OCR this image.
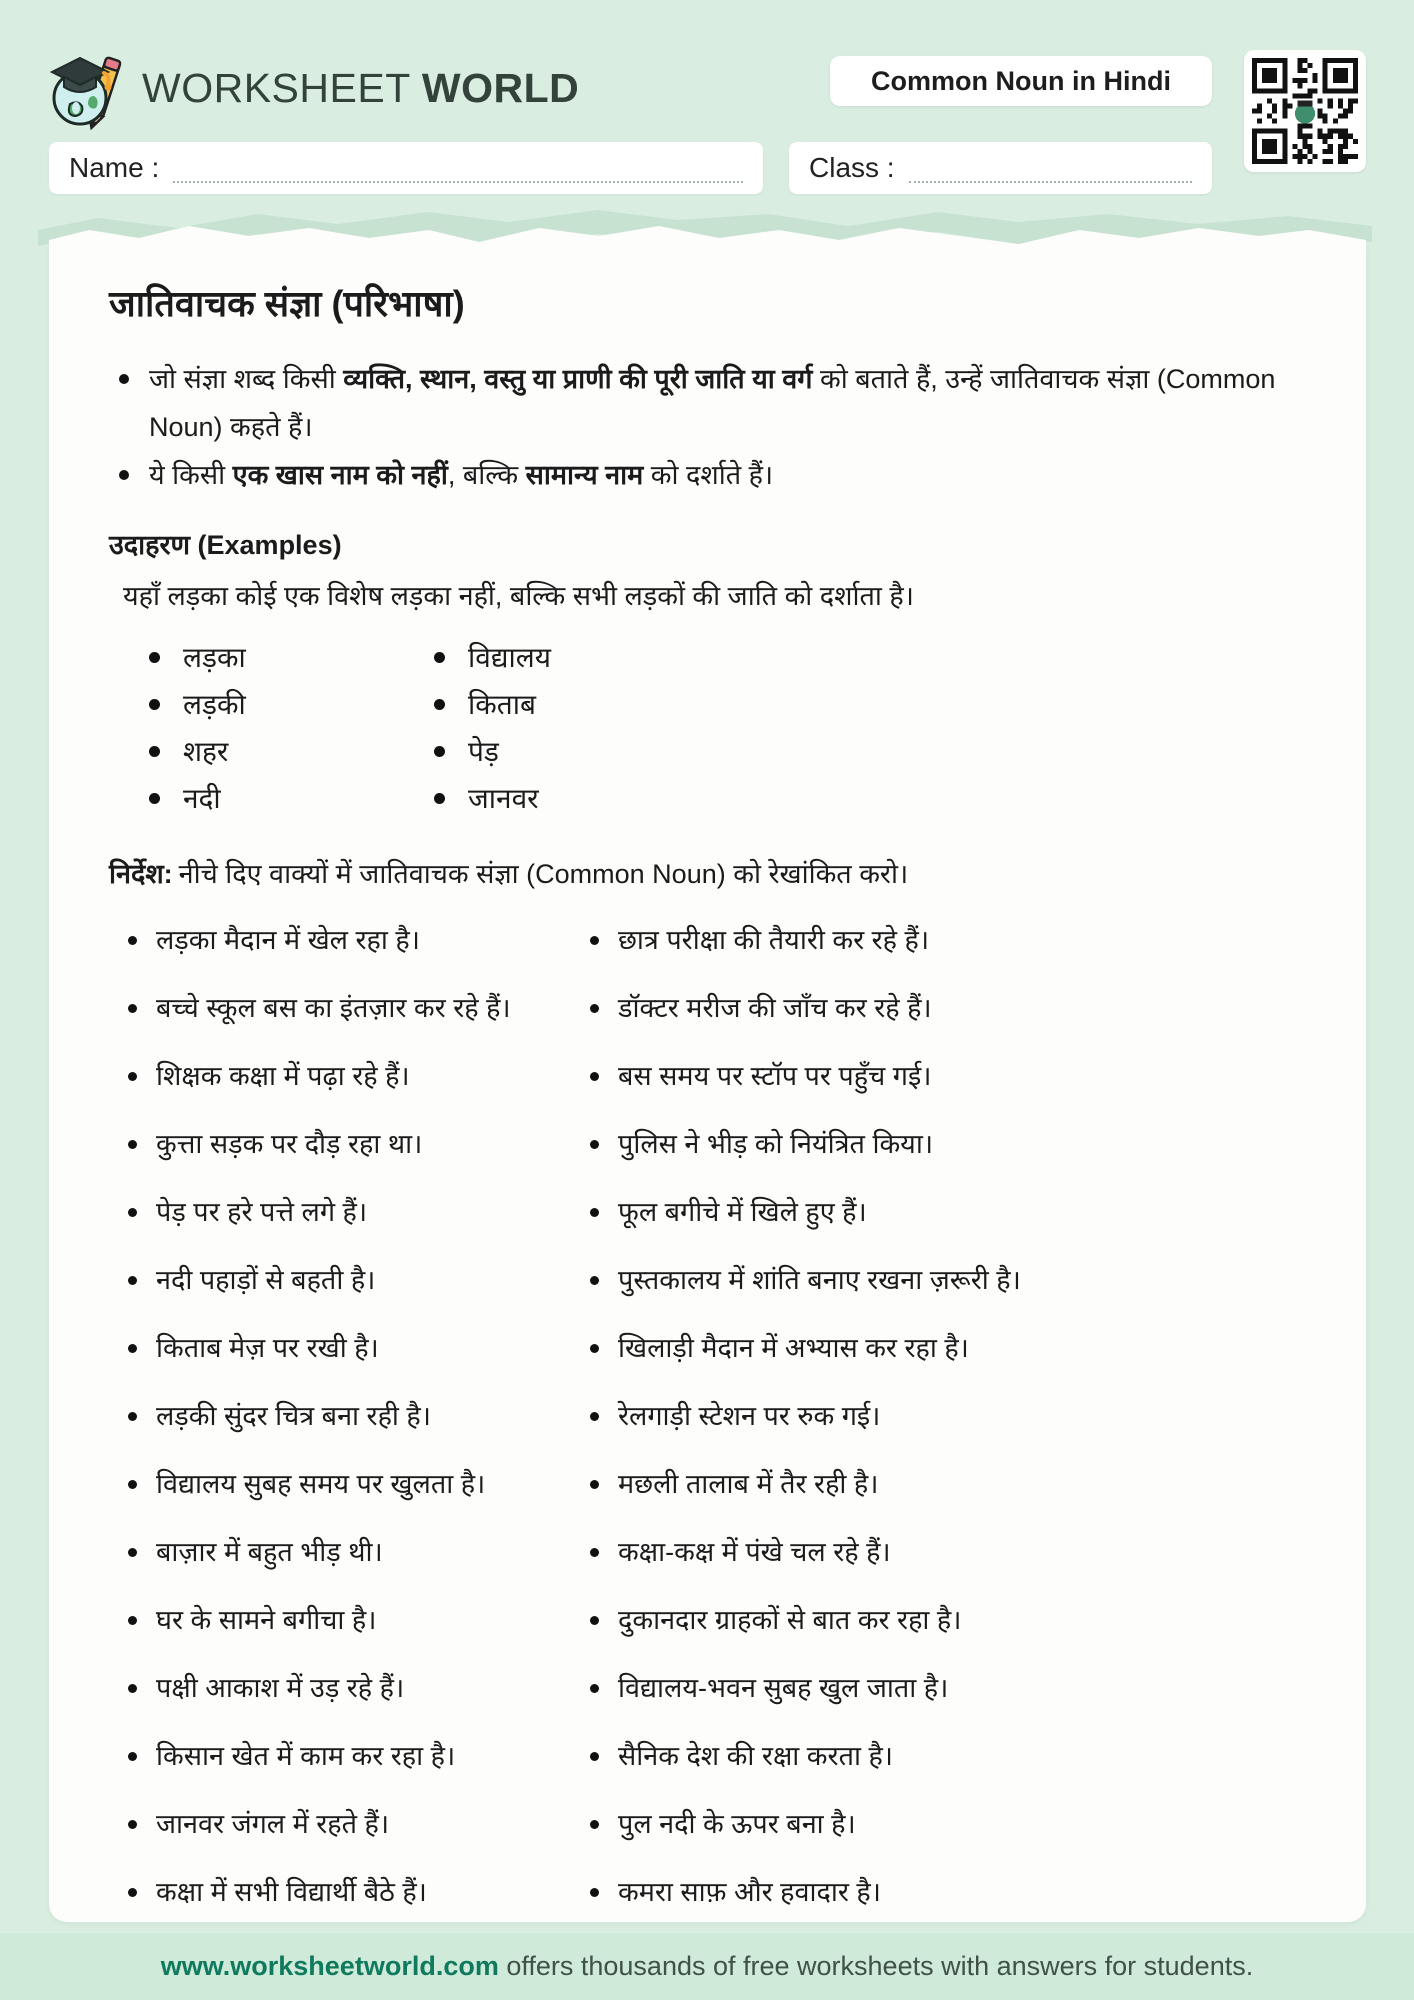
WORKSHEET WORLD	Common Noun in Hindi
Name :	Class :
जातिवाचक संज्ञा (परिभाषा)
जो संज्ञा शब्द किसी व्यक्ति, स्थान, वस्तु या प्राणी की पूरी जाति या वर्ग को बताते हैं, उन्हें जातिवाचक संज्ञा (Common Noun) कहते हैं।
ये किसी एक खास नाम को नहीं, बल्कि सामान्य नाम को दर्शाते हैं।
उदाहरण (Examples)

यहाँ लड़का कोई एक विशेष लड़का नहीं, बल्कि सभी लड़कों की जाति को दर्शाता है।

लड़का
लड़की
शहर
नदी
विद्यालय
किताब
पेड़
जानवर

निर्देश: नीचे दिए वाक्यों में जातिवाचक संज्ञा (Common Noun) को रेखांकित करो।

लड़का मैदान में खेल रहा है।
बच्चे स्कूल बस का इंतज़ार कर रहे हैं।
शिक्षक कक्षा में पढ़ा रहे हैं।
कुत्ता सड़क पर दौड़ रहा था।
पेड़ पर हरे पत्ते लगे हैं।
नदी पहाड़ों से बहती है।
किताब मेज़ पर रखी है।
लड़की सुंदर चित्र बना रही है।
विद्यालय सुबह समय पर खुलता है।
बाज़ार में बहुत भीड़ थी।
घर के सामने बगीचा है।
पक्षी आकाश में उड़ रहे हैं।
किसान खेत में काम कर रहा है।
जानवर जंगल में रहते हैं।
कक्षा में सभी विद्यार्थी बैठे हैं।
छात्र परीक्षा की तैयारी कर रहे हैं।
डॉक्टर मरीज की जाँच कर रहे हैं।
बस समय पर स्टॉप पर पहुँच गई।
पुलिस ने भीड़ को नियंत्रित किया।
फूल बगीचे में खिले हुए हैं।
पुस्तकालय में शांति बनाए रखना ज़रूरी है।
खिलाड़ी मैदान में अभ्यास कर रहा है।
रेलगाड़ी स्टेशन पर रुक गई।
मछली तालाब में तैर रही है।
कक्षा-कक्ष में पंखे चल रहे हैं।
दुकानदार ग्राहकों से बात कर रहा है।
विद्यालय-भवन सुबह खुल जाता है।
सैनिक देश की रक्षा करता है।
पुल नदी के ऊपर बना है।
कमरा साफ़ और हवादार है।
www.worksheetworld.com offers thousands of free worksheets with answers for students.
